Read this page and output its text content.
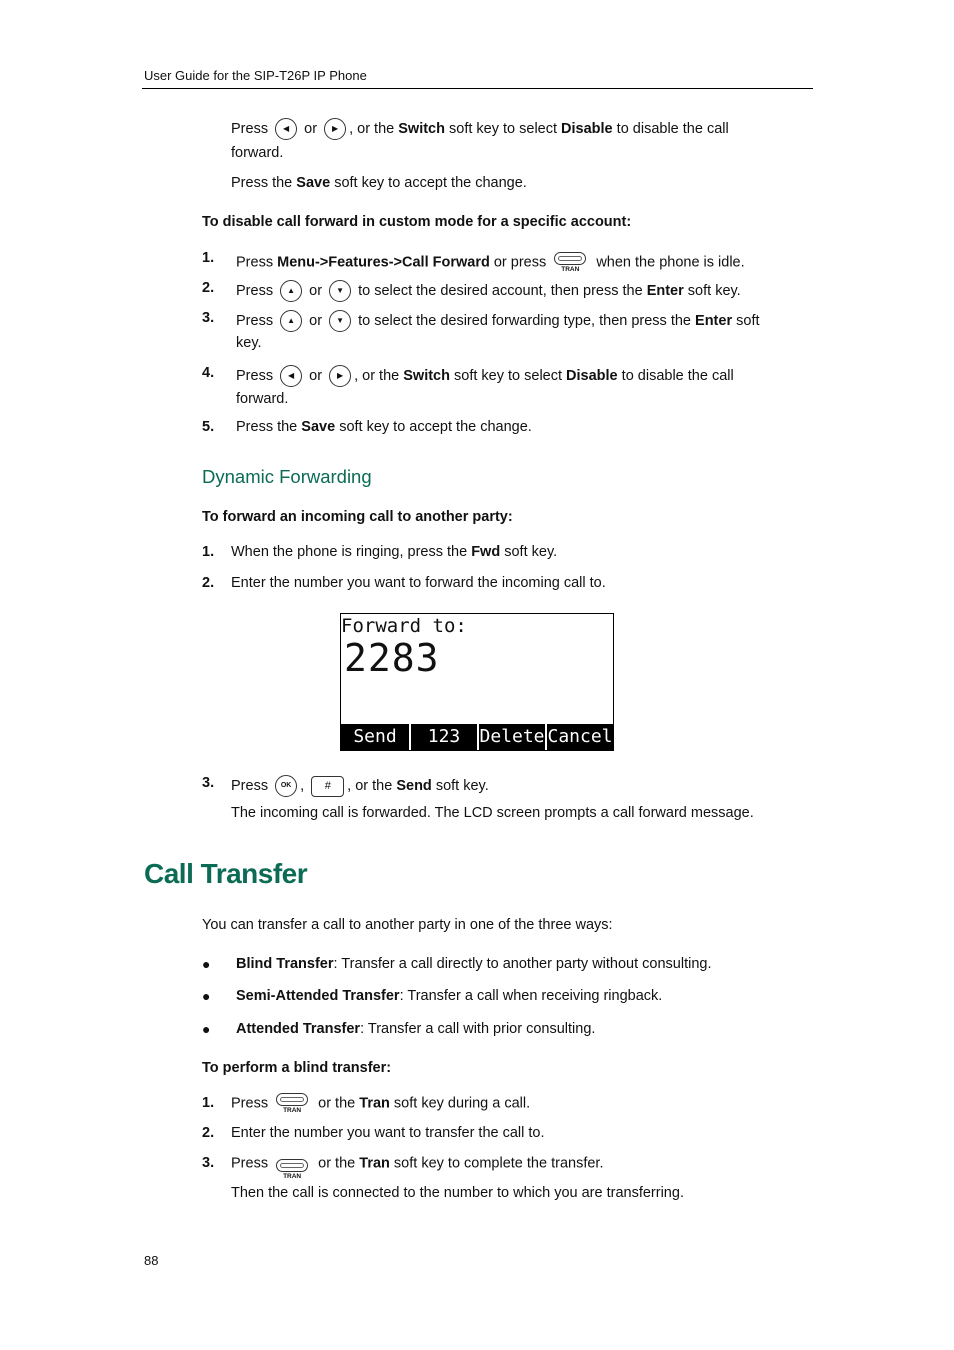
User Guide for the SIP-T26P IP Phone
Press ◀ or ▶ , or the Switch soft key to select Disable to disable the call
forward.
Press the Save soft key to accept the change.
To disable call forward in custom mode for a specific account:
1. Press Menu->Features->Call Forward or press	TRAN	when the phone is idle.
2. Press ▲ or ▼ to select the desired account, then press the Enter soft key.
3. Press ▲ or ▼ to select the desired forwarding type, then press the Enter soft
key.
4. Press ◀ or ▶ , or the Switch soft key to select Disable to disable the call
forward.
5. Press the Save soft key to accept the change.
Dynamic Forwarding
To forward an incoming call to another party:
1. When the phone is ringing, press the Fwd soft key.
2. Enter the number you want to forward the incoming call to.
Forward to:
2283
Send	123	Delete Cancel
3. Press OK , # , or the Send soft key.
The incoming call is forwarded. The LCD screen prompts a call forward message.
Call Transfer
You can transfer a call to another party in one of the three ways:
● Blind Transfer: Transfer a call directly to another party without consulting.
● Semi-Attended Transfer: Transfer a call when receiving ringback.
● Attended Transfer: Transfer a call with prior consulting.
To perform a blind transfer:
1. Press	TRAN	or the Tran soft key during a call.
2. Enter the number you want to transfer the call to.
3. Press
TRAN
or the Tran soft key to complete the transfer.
Then the call is connected to the number to which you are transferring.
88
